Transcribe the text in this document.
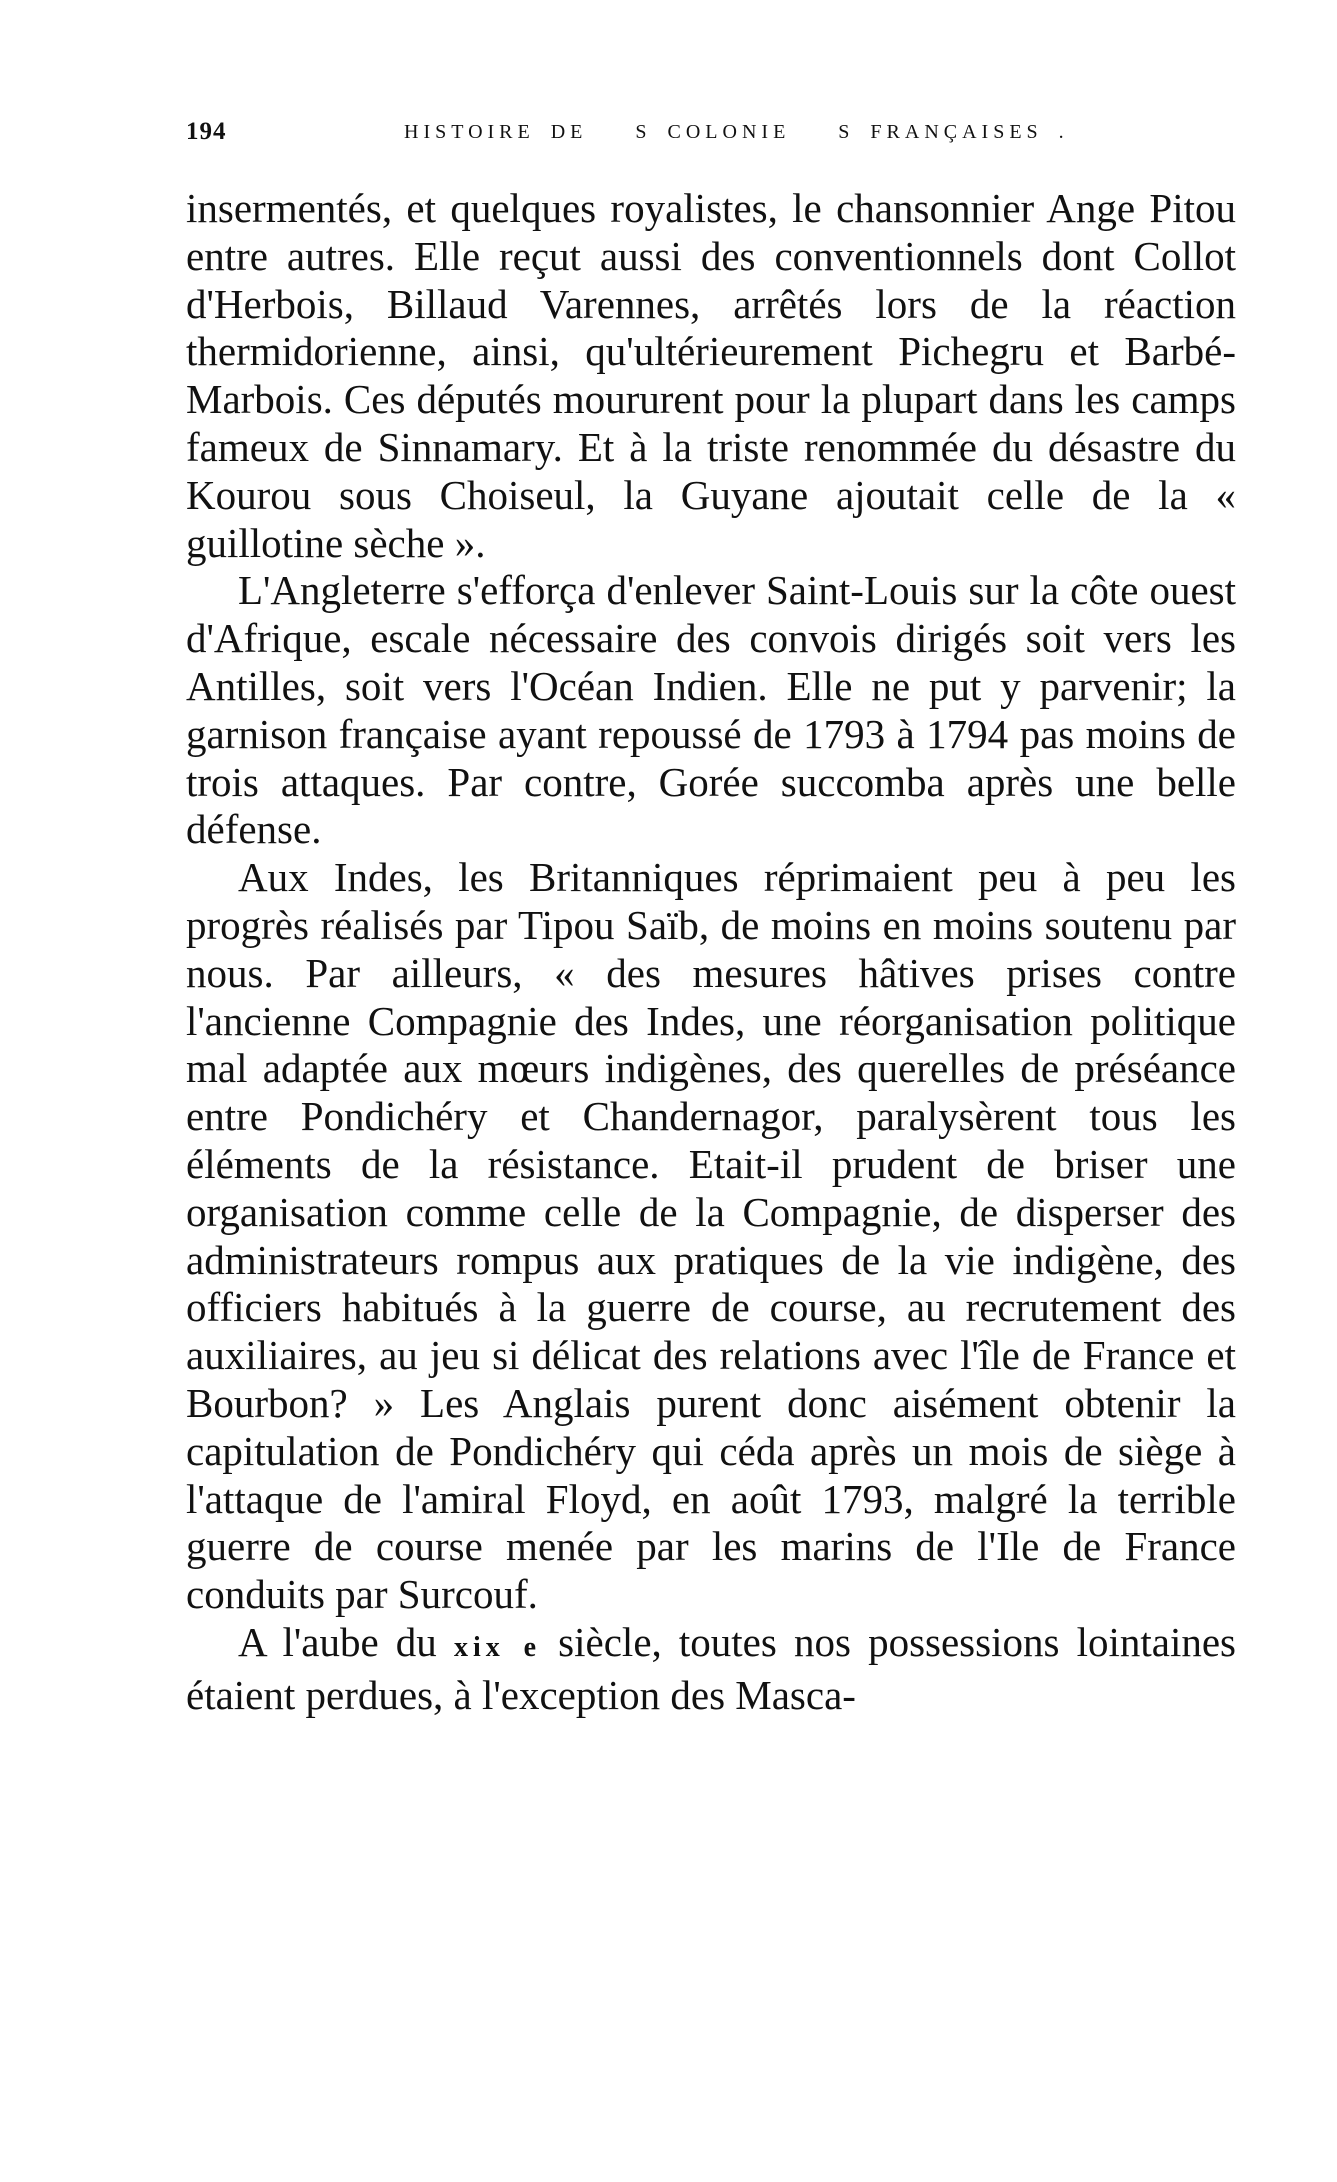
194	HISTOIRE DE   S COLONIE   S FRANÇAISES .

insermentés, et quelques royalistes, le chansonnier Ange Pitou entre autres. Elle reçut aussi des conventionnels dont Collot d'Herbois, Billaud Varennes, arrêtés lors de la réaction thermidorienne, ainsi, qu'ultérieurement Pichegru et Barbé-Marbois. Ces députés moururent pour la plupart dans les camps fameux de Sinnamary. Et à la triste renommée du désastre du Kourou sous Choiseul, la Guyane ajoutait celle de la « guillotine sèche ».

L'Angleterre s'efforça d'enlever Saint-Louis sur la côte ouest d'Afrique, escale nécessaire des convois dirigés soit vers les Antilles, soit vers l'Océan Indien. Elle ne put y parvenir; la garnison française ayant repoussé de 1793 à 1794 pas moins de trois attaques. Par contre, Gorée succomba après une belle défense.

Aux Indes, les Britanniques réprimaient peu à peu les progrès réalisés par Tipou Saïb, de moins en moins soutenu par nous. Par ailleurs, « des mesures hâtives prises contre l'ancienne Compagnie des Indes, une réorganisation politique mal adaptée aux mœurs indigènes, des querelles de préséance entre Pondichéry et Chandernagor, paralysèrent tous les éléments de la résistance. Etait-il prudent de briser une organisation comme celle de la Compagnie, de disperser des administrateurs rompus aux pratiques de la vie indigène, des officiers habitués à la guerre de course, au recrutement des auxiliaires, au jeu si délicat des relations avec l'île de France et Bourbon? » Les Anglais purent donc aisément obtenir la capitulation de Pondichéry qui céda après un mois de siège à l'attaque de l'amiral Floyd, en août 1793, malgré la terrible guerre de course menée par les marins de l'Ile de France conduits par Surcouf.

A l'aube du xix e siècle, toutes nos possessions lointaines étaient perdues, à l'exception des Masca-
